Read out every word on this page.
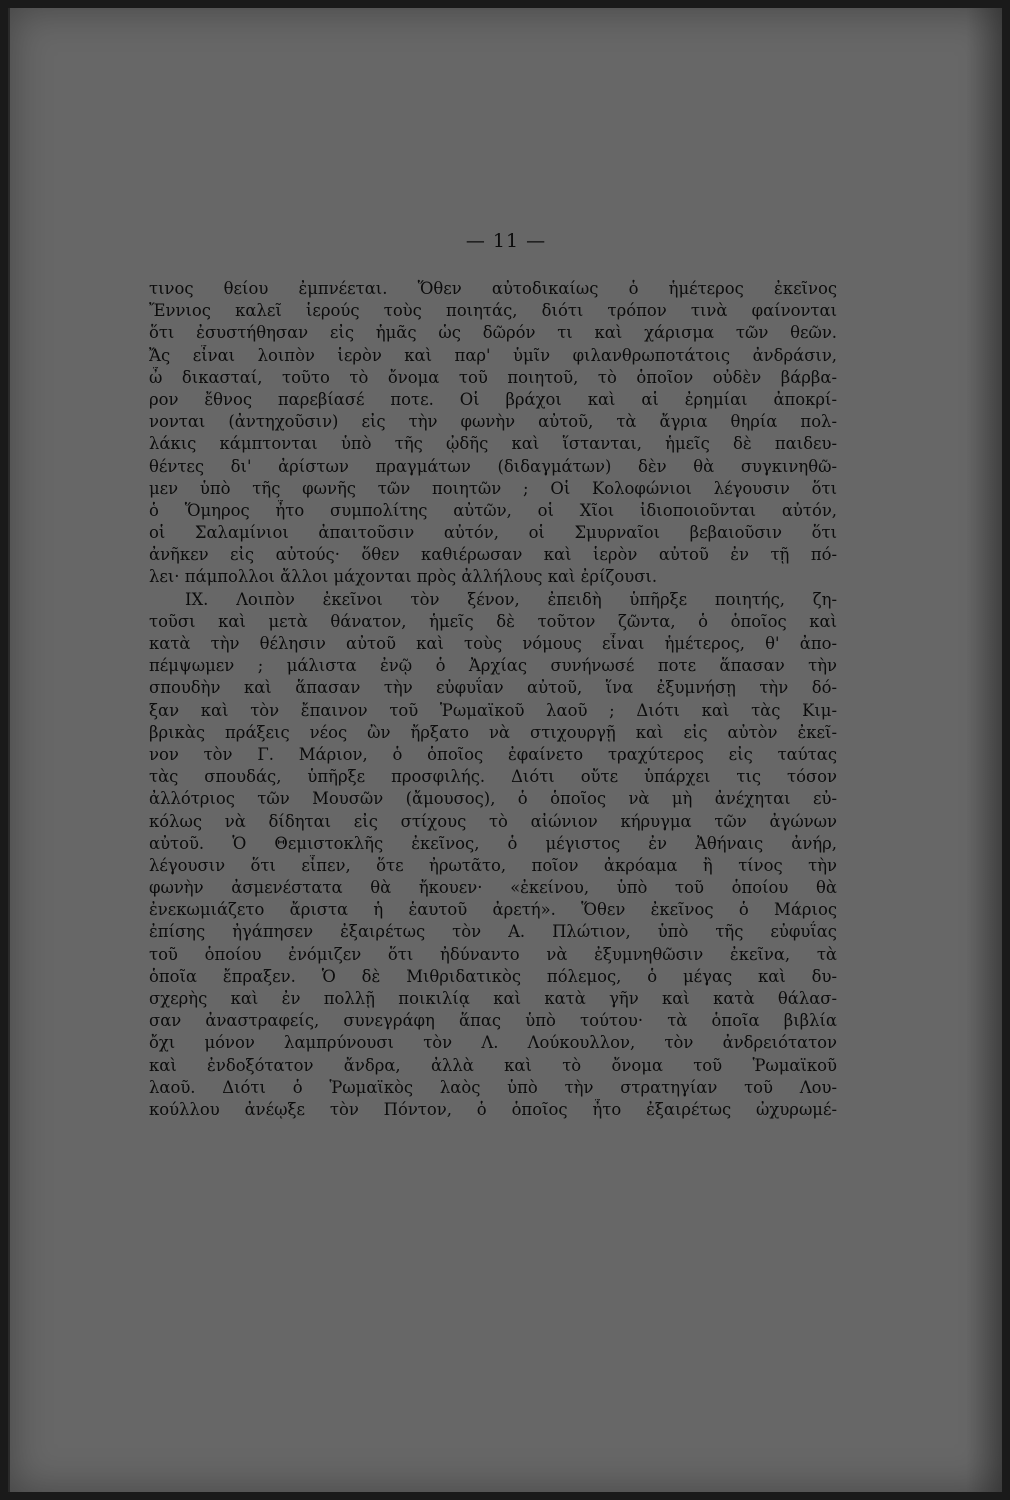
— 11 —
τινος θείου ἐμπνέεται. Ὅθεν αὐτοδικαίως ὁ ἡμέτερος ἐκεῖνος
Ἔννιος καλεῖ ἱερούς τοὺς ποιητάς, διότι τρόπον τινὰ φαίνονται
ὅτι ἐσυστήθησαν εἰς ἡμᾶς ὡς δῶρόν τι καὶ χάρισμα τῶν θεῶν.
Ἄς εἶναι λοιπὸν ἱερὸν καὶ παρ' ὑμῖν φιλανθρωποτάτοις ἀνδράσιν,
ὦ δικασταί, τοῦτο τὸ ὄνομα τοῦ ποιητοῦ, τὸ ὁποῖον οὐδὲν βάρβα-
ρον ἔθνος παρεβίασέ ποτε. Οἱ βράχοι καὶ αἱ ἐρημίαι ἀποκρί-
νονται (ἀντηχοῦσιν) εἰς τὴν φωνὴν αὐτοῦ, τὰ ἄγρια θηρία πολ-
λάκις κάμπτονται ὑπὸ τῆς ᾠδῆς καὶ ἵστανται, ἡμεῖς δὲ παιδευ-
θέντες δι' ἀρίστων πραγμάτων (διδαγμάτων) δὲν θὰ συγκινηθῶ-
μεν ὑπὸ τῆς φωνῆς τῶν ποιητῶν ; Οἱ Κολοφώνιοι λέγουσιν ὅτι
ὁ Ὅμηρος ἦτο συμπολίτης αὐτῶν, οἱ Χῖοι ἰδιοποιοῦνται αὐτόν,
οἱ Σαλαμίνιοι ἀπαιτοῦσιν αὐτόν, οἱ Σμυρναῖοι βεβαιοῦσιν ὅτι
ἀνῆκεν εἰς αὐτούς· ὅθεν καθιέρωσαν καὶ ἱερὸν αὐτοῦ ἐν τῇ πό-
λει· πάμπολλοι ἄλλοι μάχονται πρὸς ἀλλήλους καὶ ἐρίζουσι.
IX. Λοιπὸν ἐκεῖνοι τὸν ξένον, ἐπειδὴ ὑπῆρξε ποιητής, ζη-
τοῦσι καὶ μετὰ θάνατον, ἡμεῖς δὲ τοῦτον ζῶντα, ὁ ὁποῖος καὶ
κατὰ τὴν θέλησιν αὐτοῦ καὶ τοὺς νόμους εἶναι ἡμέτερος, θ' ἀπο-
πέμψωμεν ; μάλιστα ἐνῷ ὁ Ἀρχίας συνήνωσέ ποτε ἅπασαν τὴν
σπουδὴν καὶ ἅπασαν τὴν εὐφυΐαν αὐτοῦ, ἵνα ἐξυμνήσῃ τὴν δό-
ξαν καὶ τὸν ἔπαινον τοῦ Ῥωμαϊκοῦ λαοῦ ; Διότι καὶ τὰς Κιμ-
βρικὰς πράξεις νέος ὢν ἤρξατο νὰ στιχουργῇ καὶ εἰς αὐτὸν ἐκεῖ-
νον τὸν Γ. Μάριον, ὁ ὁποῖος ἐφαίνετο τραχύτερος εἰς ταύτας
τὰς σπουδάς, ὑπῆρξε προσφιλής. Διότι οὔτε ὑπάρχει τις τόσον
ἀλλότριος τῶν Μουσῶν (ἄμουσος), ὁ ὁποῖος νὰ μὴ ἀνέχηται εὐ-
κόλως νὰ δίδηται εἰς στίχους τὸ αἰώνιον κήρυγμα τῶν ἀγώνων
αὐτοῦ. Ὁ Θεμιστοκλῆς ἐκεῖνος, ὁ μέγιστος ἐν Ἀθήναις ἀνήρ,
λέγουσιν ὅτι εἶπεν, ὅτε ἠρωτᾶτο, ποῖον ἀκρόαμα ἢ τίνος τὴν
φωνὴν ἀσμενέστατα θὰ ἤκουεν· «ἐκείνου, ὑπὸ τοῦ ὁποίου θὰ
ἐνεκωμιάζετο ἄριστα ἡ ἑαυτοῦ ἀρετή». Ὅθεν ἐκεῖνος ὁ Μάριος
ἐπίσης ἠγάπησεν ἐξαιρέτως τὸν Α. Πλώτιον, ὑπὸ τῆς εὐφυΐας
τοῦ ὁποίου ἐνόμιζεν ὅτι ἠδύναντο νὰ ἐξυμνηθῶσιν ἐκεῖνα, τὰ
ὁποῖα ἔπραξεν. Ὁ δὲ Μιθριδατικὸς πόλεμος, ὁ μέγας καὶ δυ-
σχερὴς καὶ ἐν πολλῇ ποικιλίᾳ καὶ κατὰ γῆν καὶ κατὰ θάλασ-
σαν ἀναστραφείς, συνεγράφη ἅπας ὑπὸ τούτου· τὰ ὁποῖα βιβλία
ὄχι μόνον λαμπρύνουσι τὸν Λ. Λούκουλλον, τὸν ἀνδρειότατον
καὶ ἐνδοξότατον ἄνδρα, ἀλλὰ καὶ τὸ ὄνομα τοῦ Ῥωμαϊκοῦ
λαοῦ. Διότι ὁ Ῥωμαϊκὸς λαὸς ὑπὸ τὴν στρατηγίαν τοῦ Λου-
κούλλου ἀνέῳξε τὸν Πόντον, ὁ ὁποῖος ἦτο ἐξαιρέτως ὠχυρωμέ-
